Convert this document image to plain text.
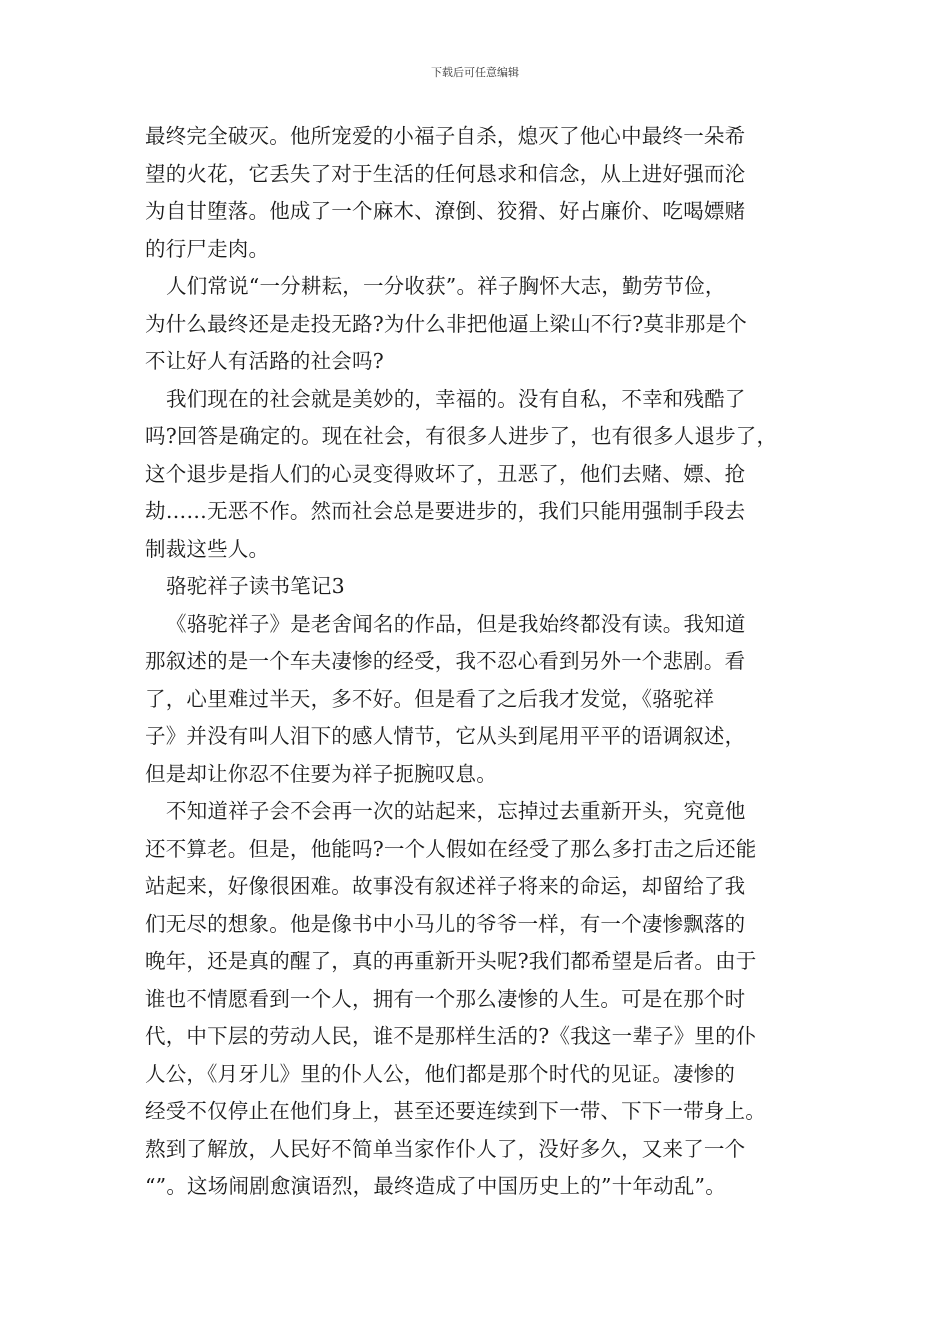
下载后可任意编辑
最终完全破灭。他所宠爱的小福子自杀，熄灭了他心中最终一朵希
望的火花，它丢失了对于生活的任何恳求和信念，从上进好强而沦
为自甘堕落。他成了一个麻木、潦倒、狡猾、好占廉价、吃喝嫖赌
的行尸走肉。
人们常说“一分耕耘，一分收获”。祥子胸怀大志，勤劳节俭，
为什么最终还是走投无路?为什么非把他逼上梁山不行?莫非那是个
不让好人有活路的社会吗?
我们现在的社会就是美妙的，幸福的。没有自私，不幸和残酷了
吗?回答是确定的。现在社会，有很多人进步了，也有很多人退步了，
这个退步是指人们的心灵变得败坏了，丑恶了，他们去赌、嫖、抢
劫……无恶不作。然而社会总是要进步的，我们只能用强制手段去
制裁这些人。
骆驼祥子读书笔记3
《骆驼祥子》是老舍闻名的作品，但是我始终都没有读。我知道
那叙述的是一个车夫凄惨的经受，我不忍心看到另外一个悲剧。看
了，心里难过半天，多不好。但是看了之后我才发觉，《骆驼祥
子》并没有叫人泪下的感人情节，它从头到尾用平平的语调叙述，
但是却让你忍不住要为祥子扼腕叹息。
不知道祥子会不会再一次的站起来，忘掉过去重新开头，究竟他
还不算老。但是，他能吗?一个人假如在经受了那么多打击之后还能
站起来，好像很困难。故事没有叙述祥子将来的命运，却留给了我
们无尽的想象。他是像书中小马儿的爷爷一样，有一个凄惨飘落的
晚年，还是真的醒了，真的再重新开头呢?我们都希望是后者。由于
谁也不情愿看到一个人，拥有一个那么凄惨的人生。可是在那个时
代，中下层的劳动人民，谁不是那样生活的?《我这一辈子》里的仆
人公，《月牙儿》里的仆人公，他们都是那个时代的见证。凄惨的
经受不仅停止在他们身上，甚至还要连续到下一带、下下一带身上。
熬到了解放，人民好不简单当家作仆人了，没好多久，又来了一个
“”。这场闹剧愈演语烈，最终造成了中国历史上的”十年动乱”。
